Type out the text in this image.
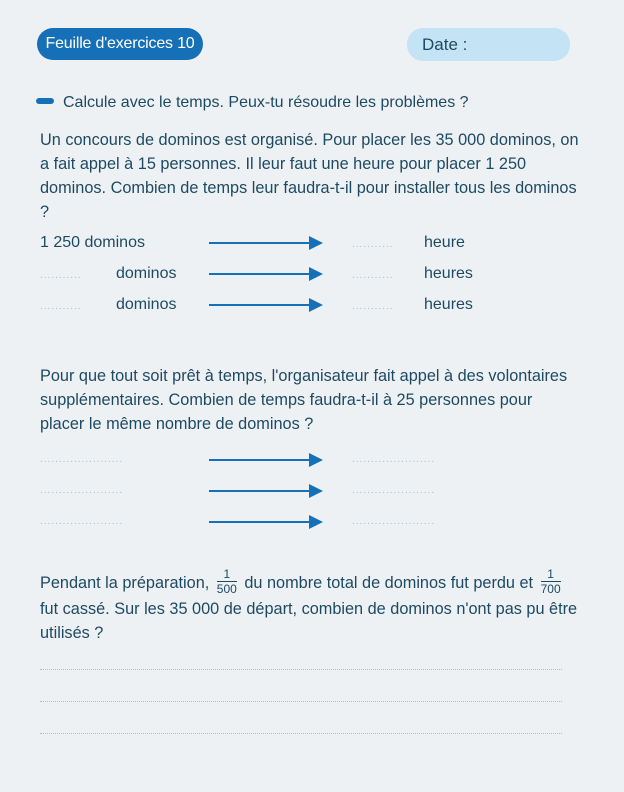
Feuille d'exercices 10	Date :
Calcule avec le temps. Peux-tu résoudre les problèmes ?

Un concours de dominos est organisé. Pour placer les 35 000 dominos, on a fait appel à 15 personnes. Il leur faut une heure pour placer 1 250 dominos. Combien de temps leur faudra-t-il pour installer tous les dominos ?

1 250 dominos	........... heure
........... dominos	........... heures
........... dominos	........... heures

Pour que tout soit prêt à temps, l'organisateur fait appel à des volontaires supplémentaires. Combien de temps faudra-t-il à 25 personnes pour placer le même nombre de dominos ?

......................	......................
......................	......................
......................	......................

Pendant la préparation, $\frac{1}{500}$ du nombre total de dominos fut perdu et $\frac{1}{700}$
fut cassé. Sur les 35 000 de départ, combien de dominos n'ont pas pu être utilisés ?
